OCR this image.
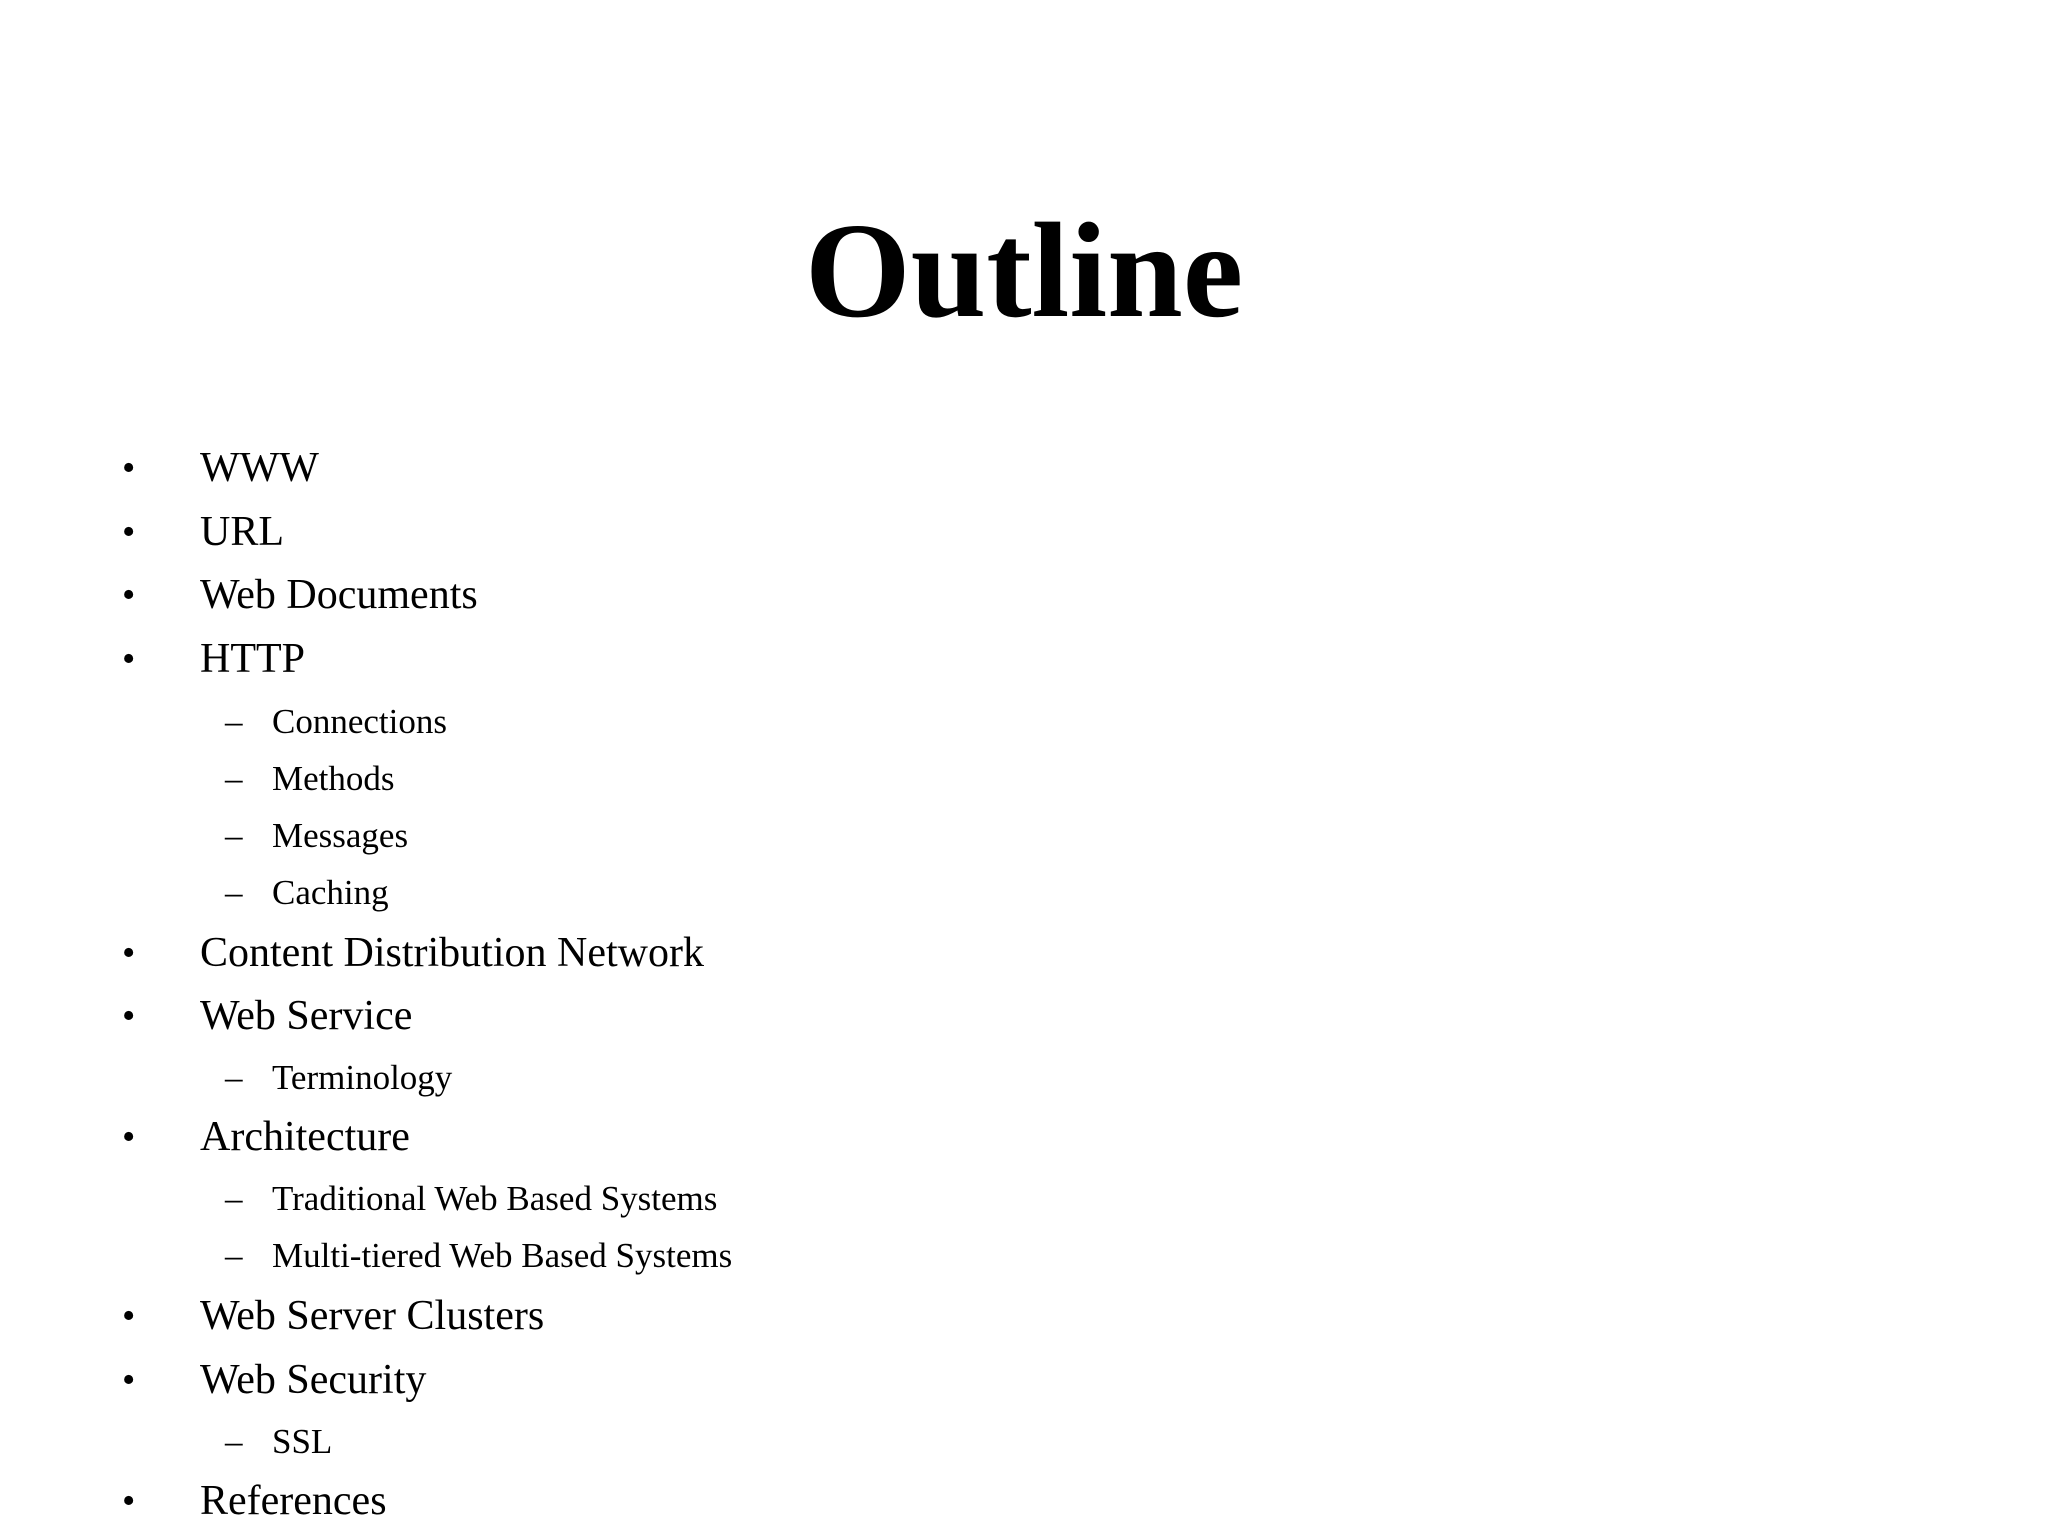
Outline
• WWW
• URL
• Web Documents
• HTTP
– Connections
– Methods
– Messages
– Caching
• Content Distribution Network
• Web Service
– Terminology
• Architecture
– Traditional Web Based Systems
– Multi-tiered Web Based Systems
• Web Server Clusters
• Web Security
– SSL
• References
